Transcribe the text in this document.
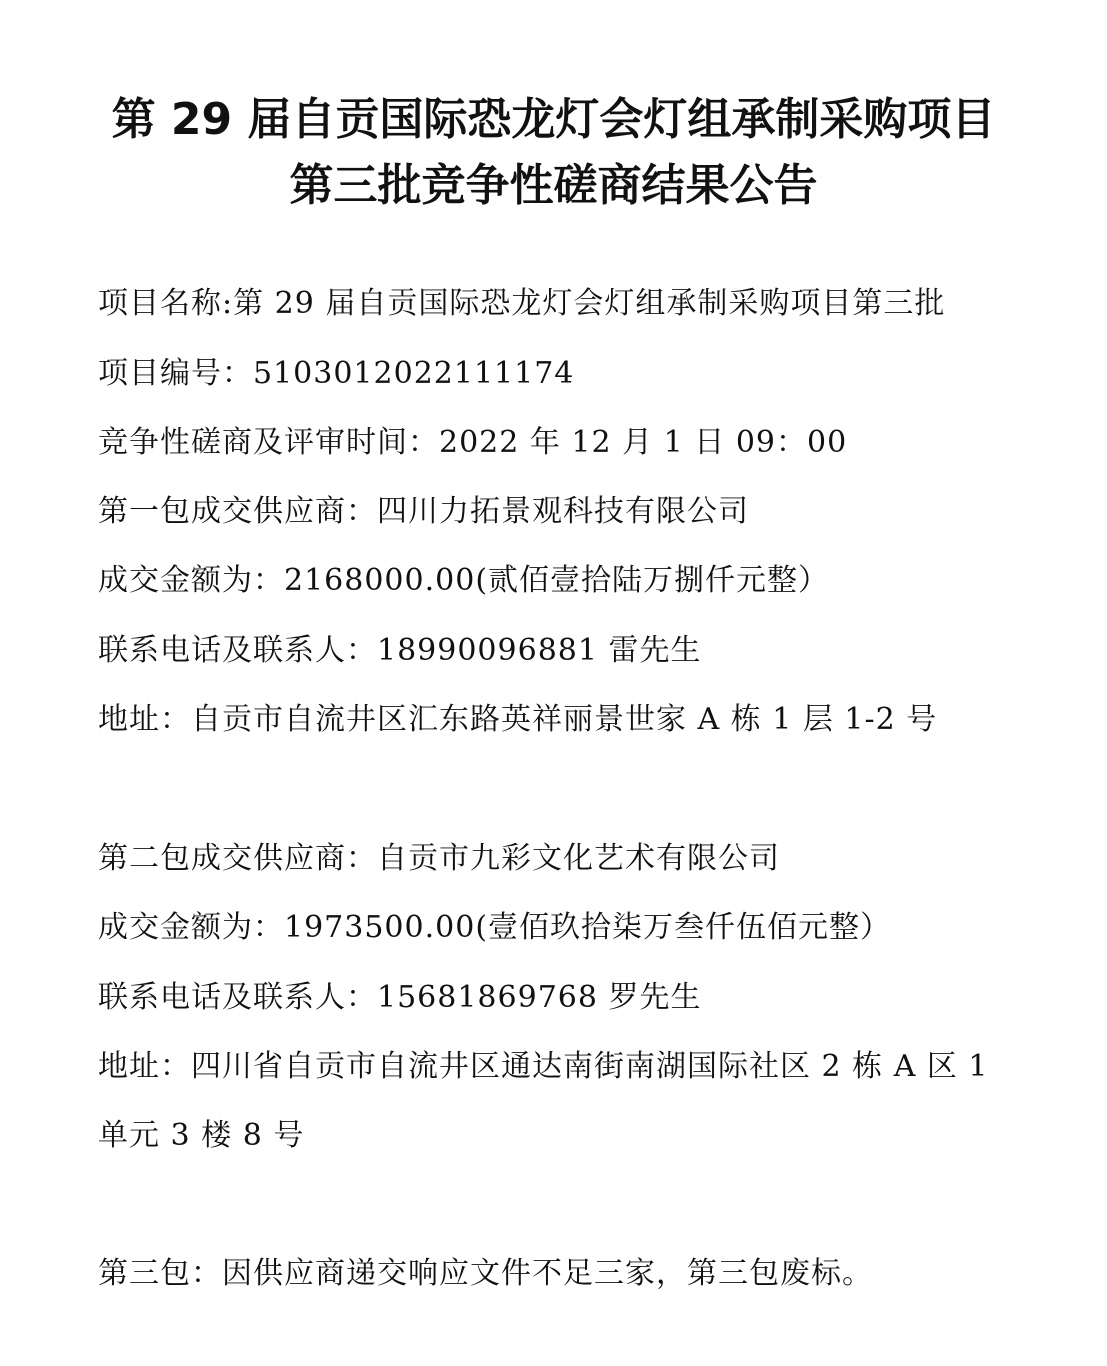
第 29 届自贡国际恐龙灯会灯组承制采购项目
第三批竞争性磋商结果公告
项目名称:第 29 届自贡国际恐龙灯会灯组承制采购项目第三批
项目编号：5103012022111174
竞争性磋商及评审时间：2022 年 12 月 1 日 09：00
第一包成交供应商：四川力拓景观科技有限公司
成交金额为：2168000.00(贰佰壹拾陆万捌仟元整）
联系电话及联系人：18990096881 雷先生
地址：自贡市自流井区汇东路英祥丽景世家 A 栋 1 层 1-2 号
第二包成交供应商：自贡市九彩文化艺术有限公司
成交金额为：1973500.00(壹佰玖拾柒万叁仟伍佰元整）
联系电话及联系人：15681869768 罗先生
地址：四川省自贡市自流井区通达南街南湖国际社区 2 栋 A 区 1
单元 3 楼 8 号
第三包：因供应商递交响应文件不足三家，第三包废标。
